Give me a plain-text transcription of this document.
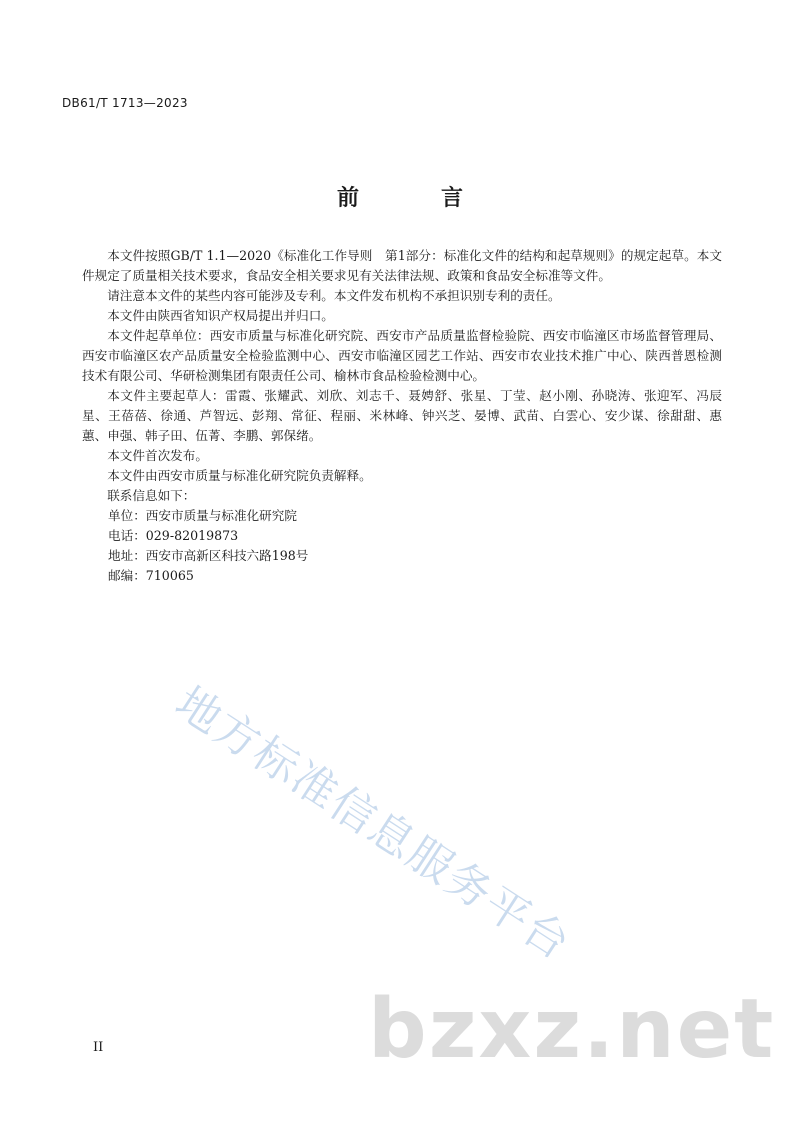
DB61/T 1713—2023
前　言

本文件按照GB/T 1.1—2020《标准化工作导则　第1部分：标准化文件的结构和起草规则》的规定起草。本文件规定了质量相关技术要求，食品安全相关要求见有关法律法规、政策和食品安全标准等文件。

请注意本文件的某些内容可能涉及专利。本文件发布机构不承担识别专利的责任。

本文件由陕西省知识产权局提出并归口。

本文件起草单位：西安市质量与标准化研究院、西安市产品质量监督检验院、西安市临潼区市场监督管理局、西安市临潼区农产品质量安全检验监测中心、西安市临潼区园艺工作站、西安市农业技术推广中心、陕西普恩检测技术有限公司、华研检测集团有限责任公司、榆林市食品检验检测中心。

本文件主要起草人：雷霞、张耀武、刘欣、刘志千、聂娉舒、张星、丁莹、赵小刚、孙晓涛、张迎军、冯辰星、王蓓蓓、徐通、芦智远、彭翔、常征、程丽、米林峰、钟兴芝、晏博、武苗、白雲心、安少谋、徐甜甜、惠蕙、申强、韩子田、伍菁、李鹏、郭保绪。

本文件首次发布。

本文件由西安市质量与标准化研究院负责解释。

联系信息如下：

单位：西安市质量与标准化研究院

电话：029-82019873

地址：西安市高新区科技六路198号

邮编：710065

地方标准信息服务平台
bzxz.net
II
